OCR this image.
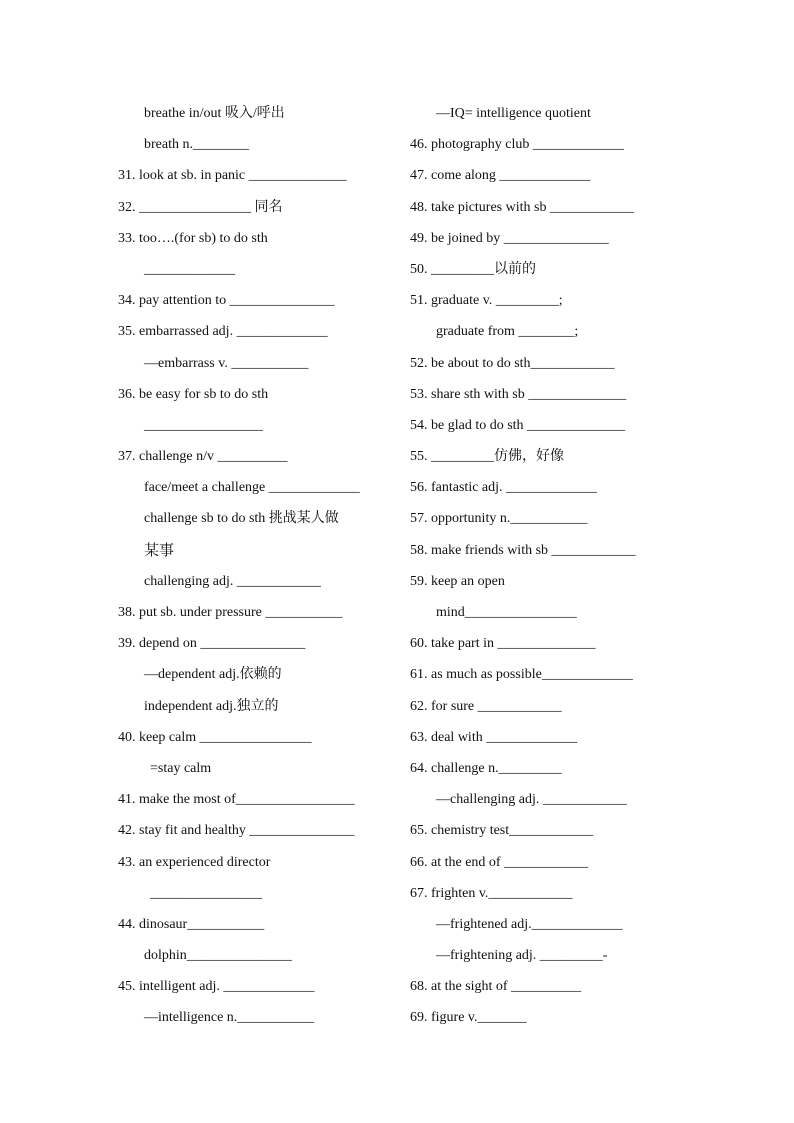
breathe in/out 吸入/呼出
breath n.________
31. look at sb. in panic ______________
32. ________________ 同名
33. too….(for sb) to do sth
_____________
34. pay attention to _______________
35. embarrassed adj. _____________
—embarrass v. ___________
36. be easy for sb to do sth
_________________
37. challenge n/v __________
face/meet a challenge _____________
challenge sb to do sth 挑战某人做
某事
challenging adj. ____________
38. put sb. under pressure ___________
39. depend on _______________
—dependent adj.依赖的
independent adj.独立的
40. keep calm ________________
=stay calm
41. make the most of_________________
42. stay fit and healthy _______________
43. an experienced director
________________
44. dinosaur___________
dolphin_______________
45. intelligent adj. _____________
—intelligence n.___________
—IQ= intelligence quotient
46. photography club _____________
47. come along _____________
48. take pictures with sb ____________
49. be joined by _______________
50. _________以前的
51. graduate v. _________;
graduate from ________;
52. be about to do sth____________
53. share sth with sb ______________
54. be glad to do sth ______________
55. _________仿佛，好像
56. fantastic adj. _____________
57. opportunity n.___________
58. make friends with sb ____________
59. keep an open
mind________________
60. take part in ______________
61. as much as possible_____________
62. for sure ____________
63. deal with _____________
64. challenge n._________
—challenging adj. ____________
65. chemistry test____________
66. at the end of ____________
67. frighten v.____________
—frightened adj._____________
—frightening adj. _________-
68. at the sight of __________
69. figure v._______
